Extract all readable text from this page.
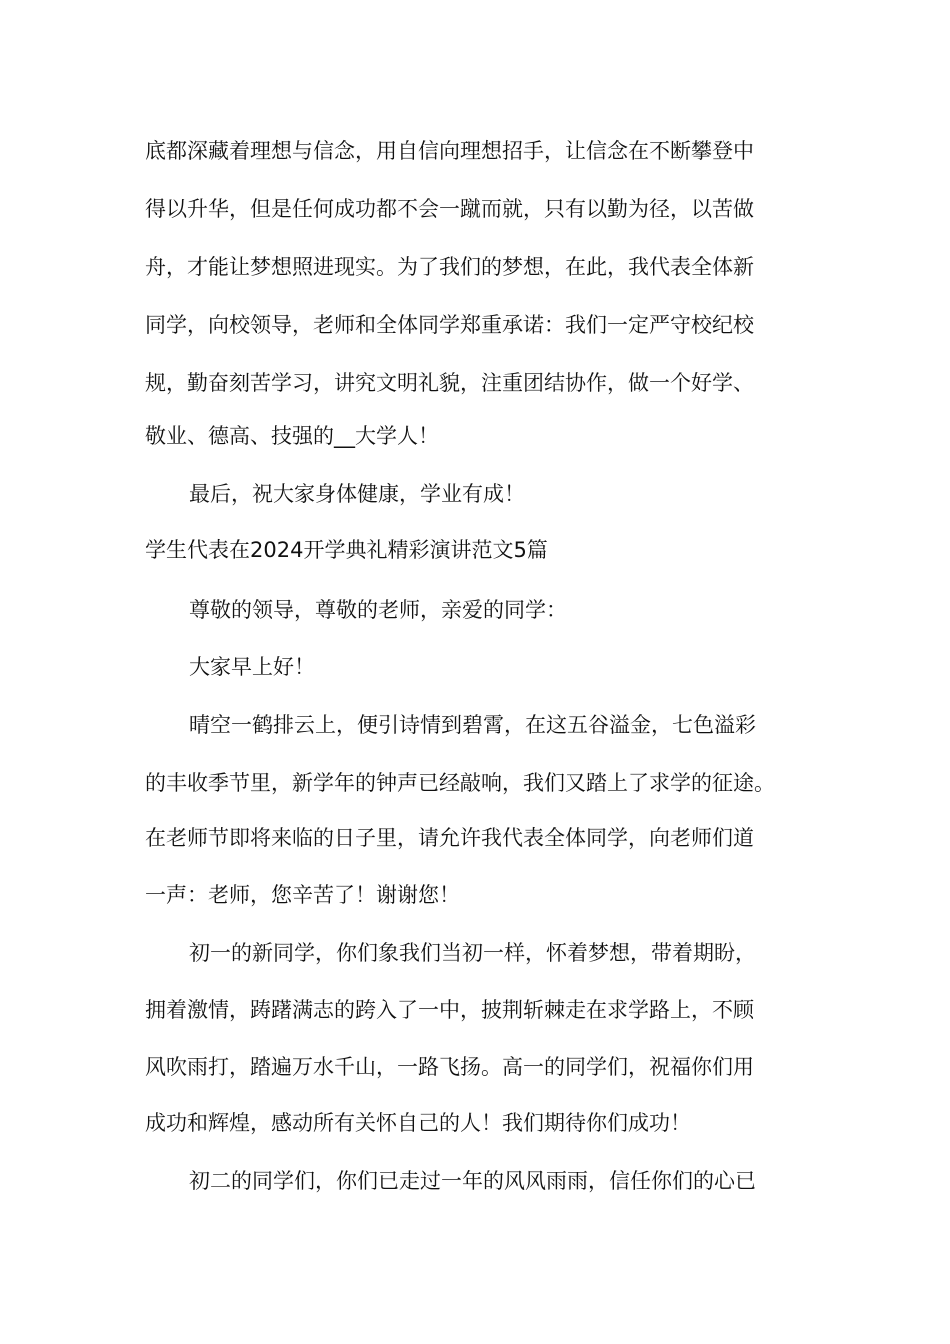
底都深藏着理想与信念，用自信向理想招手，让信念在不断攀登中
得以升华，但是任何成功都不会一蹴而就，只有以勤为径，以苦做
舟，才能让梦想照进现实。为了我们的梦想，在此，我代表全体新
同学，向校领导，老师和全体同学郑重承诺：我们一定严守校纪校
规，勤奋刻苦学习，讲究文明礼貌，注重团结协作，做一个好学、
敬业、德高、技强的__大学人！
最后，祝大家身体健康，学业有成！
学生代表在2024开学典礼精彩演讲范文5篇
尊敬的领导，尊敬的老师，亲爱的同学：
大家早上好！
晴空一鹤排云上，便引诗情到碧霄，在这五谷溢金，七色溢彩
的丰收季节里，新学年的钟声已经敲响，我们又踏上了求学的征途。
在老师节即将来临的日子里，请允许我代表全体同学，向老师们道
一声：老师，您辛苦了！谢谢您！
初一的新同学，你们象我们当初一样，怀着梦想，带着期盼，
拥着激情，踌躇满志的跨入了一中，披荆斩棘走在求学路上，不顾
风吹雨打，踏遍万水千山，一路飞扬。高一的同学们，祝福你们用
成功和辉煌，感动所有关怀自己的人！我们期待你们成功！
初二的同学们，你们已走过一年的风风雨雨，信任你们的心已
